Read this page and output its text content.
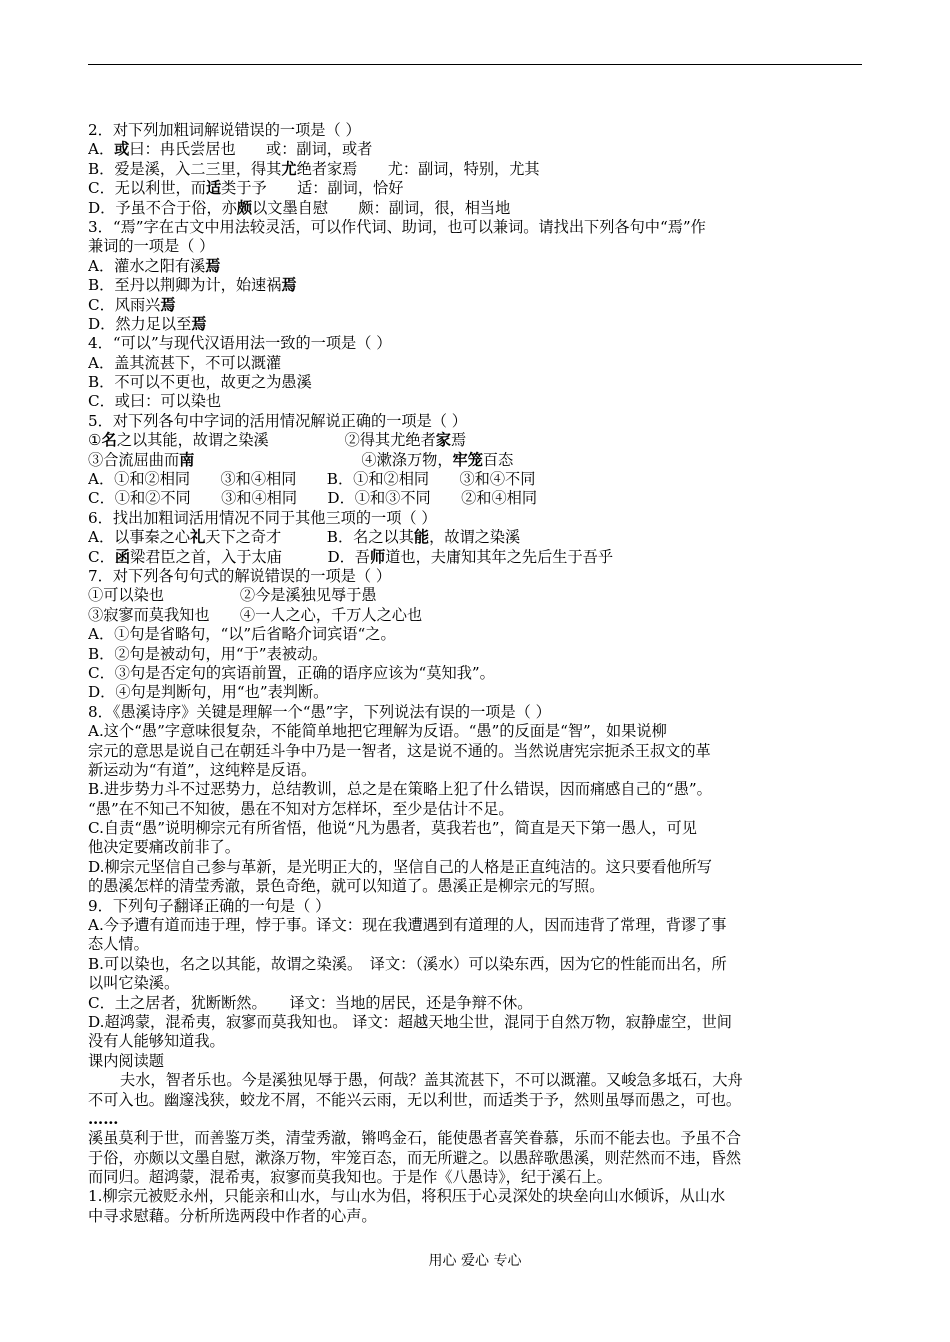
2．对下列加粗词解说错误的一项是（ ）
A．或曰：冉氏尝居也　　或：副词，或者
B．爱是溪，入二三里，得其尤绝者家焉　　尤：副词，特别，尤其
C．无以利世，而适类于予　　适：副词，恰好
D．予虽不合于俗，亦颇以文墨自慰　　颇：副词，很，相当地
3．“焉”字在古文中用法较灵活，可以作代词、助词，也可以兼词。请找出下列各句中“焉”作
兼词的一项是（ ）
A．灌水之阳有溪焉
B．至丹以荆卿为计，始速祸焉
C．风雨兴焉
D．然力足以至焉
4．“可以”与现代汉语用法一致的一项是（ ）
A．盖其流甚下，不可以溉灌
B．不可以不更也，故更之为愚溪
C．或曰：可以染也
5．对下列各句中字词的活用情况解说正确的一项是（ ）
①名之以其能，故谓之染溪　　　　　②得其尤绝者家焉
③合流屈曲而南　　　　　　　　　　　④漱涤万物，牢笼百态
A．①和②相同　　③和④相同　　B．①和②相同　　③和④不同
C．①和②不同　　③和④相同　　D．①和③不同　　②和④相同
6．找出加粗词活用情况不同于其他三项的一项（ ）
A．以事秦之心礼天下之奇才　　　B．名之以其能，故谓之染溪
C．函梁君臣之首，入于太庙　　　D．吾师道也，夫庸知其年之先后生于吾乎
7．对下列各句句式的解说错误的一项是（ ）
①可以染也　　　　　②今是溪独见辱于愚
③寂寥而莫我知也　　④一人之心，千万人之心也
A．①句是省略句，“以”后省略介词宾语“之。
B．②句是被动句，用“于”表被动。
C．③句是否定句的宾语前置，正确的语序应该为“莫知我”。
D．④句是判断句，用“也”表判断。
8．《愚溪诗序》关键是理解一个“愚”字，下列说法有误的一项是（ ）
A.这个“愚”字意味很复杂，不能简单地把它理解为反语。“愚”的反面是“智”，如果说柳
宗元的意思是说自己在朝廷斗争中乃是一智者，这是说不通的。当然说唐宪宗扼杀王叔文的革
新运动为“有道”，这纯粹是反语。
B.进步势力斗不过恶势力，总结教训，总之是在策略上犯了什么错误，因而痛感自己的“愚”。
“愚”在不知己不知彼，愚在不知对方怎样坏，至少是估计不足。
C.自责“愚”说明柳宗元有所省悟，他说“凡为愚者，莫我若也”，简直是天下第一愚人，可见
他决定要痛改前非了。
D.柳宗元坚信自己参与革新，是光明正大的，坚信自己的人格是正直纯洁的。这只要看他所写
的愚溪怎样的清莹秀澈，景色奇绝，就可以知道了。愚溪正是柳宗元的写照。
9．下列句子翻译正确的一句是（ ）
A.今予遭有道而违于理，悖于事。译文：现在我遭遇到有道理的人，因而违背了常理，背谬了事
态人情。
B.可以染也，名之以其能，故谓之染溪。　译文：（溪水）可以染东西，因为它的性能而出名，所
以叫它染溪。
C．土之居者，犹断断然。　　译文：当地的居民，还是争辩不休。
D.超鸿蒙，混希夷，寂寥而莫我知也。 译文：超越天地尘世，混同于自然万物，寂静虚空，世间
没有人能够知道我。
课内阅读题
夫水，智者乐也。今是溪独见辱于愚，何哉？盖其流甚下，不可以溉灌。又峻急多坻石，大舟
不可入也。幽邃浅狭，蛟龙不屑，不能兴云雨，无以利世，而适类于予，然则虽辱而愚之，可也。
……
溪虽莫利于世，而善鉴万类，清莹秀澈，锵鸣金石，能使愚者喜笑眷慕，乐而不能去也。予虽不合
于俗，亦颇以文墨自慰，漱涤万物，牢笼百态，而无所避之。以愚辞歌愚溪，则茫然而不违，昏然
而同归。超鸿蒙，混希夷，寂寥而莫我知也。于是作《八愚诗》，纪于溪石上。
1.柳宗元被贬永州，只能亲和山水，与山水为侣，将积压于心灵深处的块垒向山水倾诉，从山水
中寻求慰藉。分析所选两段中作者的心声。
用心 爱心 专心
